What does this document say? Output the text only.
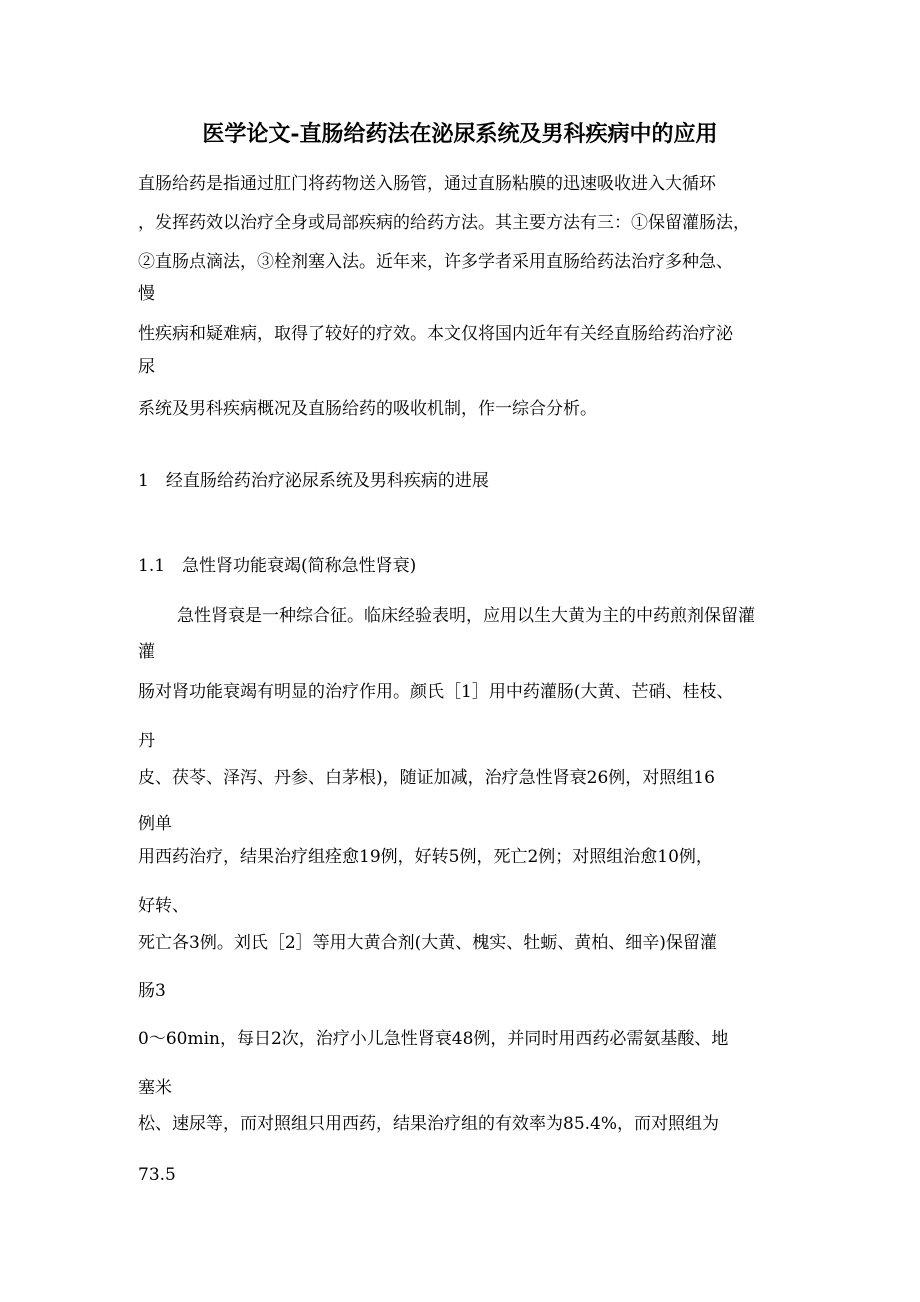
医学论文-直肠给药法在泌尿系统及男科疾病中的应用
直肠给药是指通过肛门将药物送入肠管，通过直肠粘膜的迅速吸收进入大循环
，发挥药效以治疗全身或局部疾病的给药方法。其主要方法有三：①保留灌肠法，
②直肠点滴法，③栓剂塞入法。近年来，许多学者采用直肠给药法治疗多种急、
慢
性疾病和疑难病，取得了较好的疗效。本文仅将国内近年有关经直肠给药治疗泌
尿
系统及男科疾病概况及直肠给药的吸收机制，作一综合分析。
1　经直肠给药治疗泌尿系统及男科疾病的进展
1.1　急性肾功能衰竭(简称急性肾衰)
急性肾衰是一种综合征。临床经验表明，应用以生大黄为主的中药煎剂保留灌
灌
肠对肾功能衰竭有明显的治疗作用。颜氏［1］用中药灌肠(大黄、芒硝、桂枝、
丹
皮、茯苓、泽泻、丹参、白茅根)，随证加减，治疗急性肾衰26例，对照组16
例单
用西药治疗，结果治疗组痊愈19例，好转5例，死亡2例；对照组治愈10例，
好转、
死亡各3例。刘氏［2］等用大黄合剂(大黄、槐实、牡蛎、黄柏、细辛)保留灌
肠3
0～60min，每日2次，治疗小儿急性肾衰48例，并同时用西药必需氨基酸、地
塞米
松、速尿等，而对照组只用西药，结果治疗组的有效率为85.4%，而对照组为
73.5
